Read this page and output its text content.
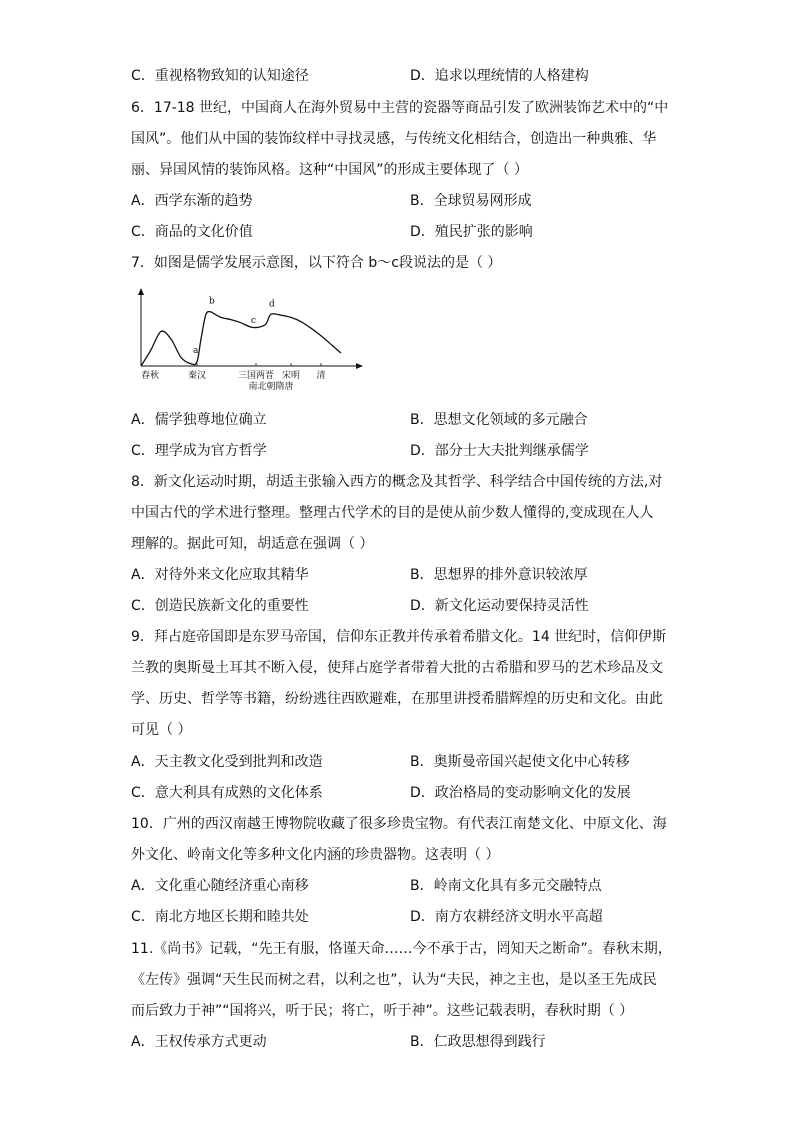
C．重视格物致知的认知途径	D．追求以理统情的人格建构
6．17-18 世纪，中国商人在海外贸易中主营的瓷器等商品引发了欧洲装饰艺术中的“中
国风”。他们从中国的装饰纹样中寻找灵感，与传统文化相结合，创造出一种典雅、华
丽、异国风情的装饰风格。这种“中国风”的形成主要体现了（ ）
A．西学东渐的趋势	B．全球贸易网形成
C．商品的文化价值	D．殖民扩张的影响
7．如图是儒学发展示意图，以下符合 b～c段说法的是（ ）
春秋	秦汉	三国两晋 宋明 清
南北朝隋唐
a
b
c
d
A．儒学独尊地位确立	B．思想文化领域的多元融合
C．理学成为官方哲学	D．部分士大夫批判继承儒学
8．新文化运动时期，胡适主张输入西方的概念及其哲学、科学结合中国传统的方法,对
中国古代的学术进行整理。整理古代学术的目的是使从前少数人懂得的,变成现在人人
理解的。据此可知，胡适意在强调（ ）
A．对待外来文化应取其精华	B．思想界的排外意识较浓厚
C．创造民族新文化的重要性	D．新文化运动要保持灵活性
9．拜占庭帝国即是东罗马帝国，信仰东正教并传承着希腊文化。14 世纪时，信仰伊斯
兰教的奥斯曼土耳其不断入侵，使拜占庭学者带着大批的古希腊和罗马的艺术珍品及文
学、历史、哲学等书籍，纷纷逃往西欧避难，在那里讲授希腊辉煌的历史和文化。由此
可见（ ）
A．天主教文化受到批判和改造	B．奥斯曼帝国兴起使文化中心转移
C．意大利具有成熟的文化体系	D．政治格局的变动影响文化的发展
10．广州的西汉南越王博物院收藏了很多珍贵宝物。有代表江南楚文化、中原文化、海
外文化、岭南文化等多种文化内涵的珍贵器物。这表明（ ）
A．文化重心随经济重心南移	B．岭南文化具有多元交融特点
C．南北方地区长期和睦共处	D．南方农耕经济文明水平高超
11.《尚书》记载，“先王有服，恪谨天命……今不承于古，罔知天之断命”。春秋末期，
《左传》强调“天生民而树之君，以利之也”，认为“夫民，神之主也，是以圣王先成民
而后致力于神”“国将兴，听于民；将亡，听于神”。这些记载表明，春秋时期（ ）
A．王权传承方式更动	B．仁政思想得到践行
